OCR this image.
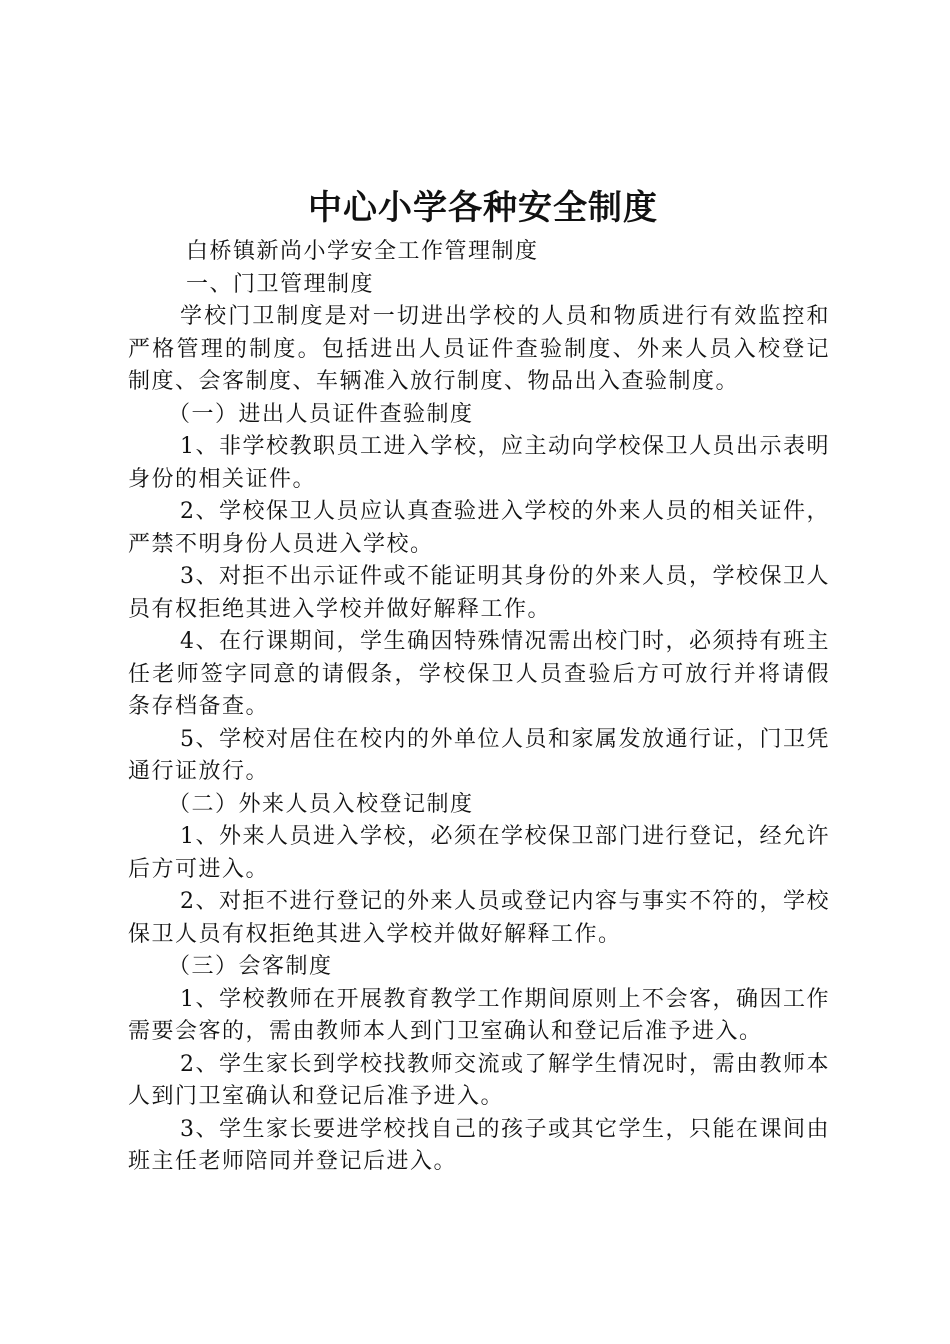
中心小学各种安全制度

白桥镇新尚小学安全工作管理制度

一、门卫管理制度

学校门卫制度是对一切进出学校的人员和物质进行有效监控和严格管理的制度。包括进出人员证件查验制度、外来人员入校登记制度、会客制度、车辆准入放行制度、物品出入查验制度。

（一）进出人员证件查验制度

1、非学校教职员工进入学校，应主动向学校保卫人员出示表明身份的相关证件。

2、学校保卫人员应认真查验进入学校的外来人员的相关证件，严禁不明身份人员进入学校。

3、对拒不出示证件或不能证明其身份的外来人员，学校保卫人员有权拒绝其进入学校并做好解释工作。

4、在行课期间，学生确因特殊情况需出校门时，必须持有班主任老师签字同意的请假条，学校保卫人员查验后方可放行并将请假条存档备查。

5、学校对居住在校内的外单位人员和家属发放通行证，门卫凭通行证放行。

（二）外来人员入校登记制度

1、外来人员进入学校，必须在学校保卫部门进行登记，经允许后方可进入。

2、对拒不进行登记的外来人员或登记内容与事实不符的，学校保卫人员有权拒绝其进入学校并做好解释工作。

（三）会客制度

1、学校教师在开展教育教学工作期间原则上不会客，确因工作需要会客的，需由教师本人到门卫室确认和登记后准予进入。

2、学生家长到学校找教师交流或了解学生情况时，需由教师本人到门卫室确认和登记后准予进入。

3、学生家长要进学校找自己的孩子或其它学生，只能在课间由班主任老师陪同并登记后进入。
